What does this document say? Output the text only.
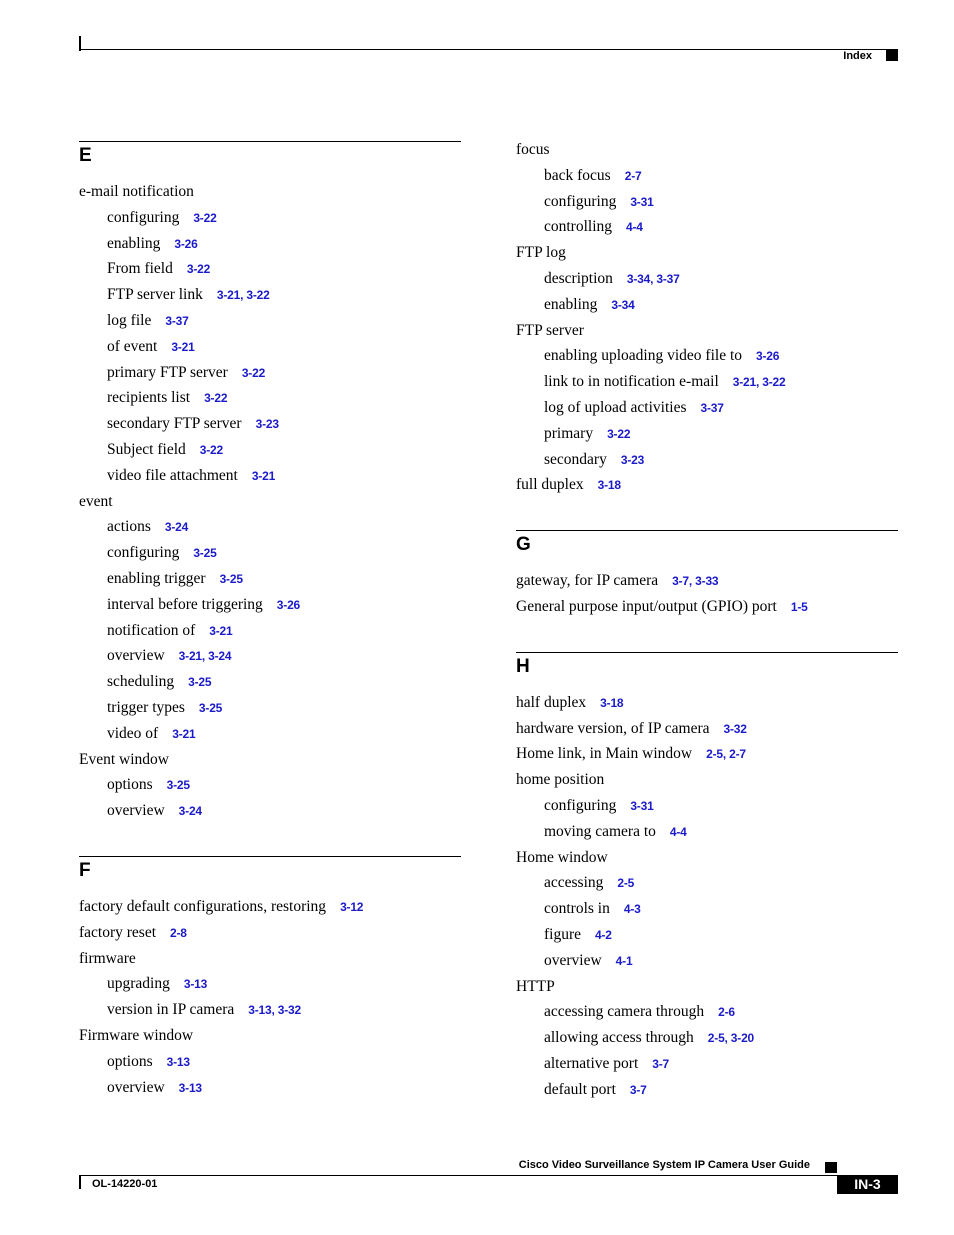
Index
E
e-mail notification
configuring 3-22
enabling 3-26
From field 3-22
FTP server link 3-21, 3-22
log file 3-37
of event 3-21
primary FTP server 3-22
recipients list 3-22
secondary FTP server 3-23
Subject field 3-22
video file attachment 3-21
event
actions 3-24
configuring 3-25
enabling trigger 3-25
interval before triggering 3-26
notification of 3-21
overview 3-21, 3-24
scheduling 3-25
trigger types 3-25
video of 3-21
Event window
options 3-25
overview 3-24
F
factory default configurations, restoring 3-12
factory reset 2-8
firmware
upgrading 3-13
version in IP camera 3-13, 3-32
Firmware window
options 3-13
overview 3-13
focus
back focus 2-7
configuring 3-31
controlling 4-4
FTP log
description 3-34, 3-37
enabling 3-34
FTP server
enabling uploading video file to 3-26
link to in notification e-mail 3-21, 3-22
log of upload activities 3-37
primary 3-22
secondary 3-23
full duplex 3-18
G
gateway, for IP camera 3-7, 3-33
General purpose input/output (GPIO) port 1-5
H
half duplex 3-18
hardware version, of IP camera 3-32
Home link, in Main window 2-5, 2-7
home position
configuring 3-31
moving camera to 4-4
Home window
accessing 2-5
controls in 4-3
figure 4-2
overview 4-1
HTTP
accessing camera through 2-6
allowing access through 2-5, 3-20
alternative port 3-7
default port 3-7
Cisco Video Surveillance System IP Camera User Guide
OL-14220-01	IN-3
